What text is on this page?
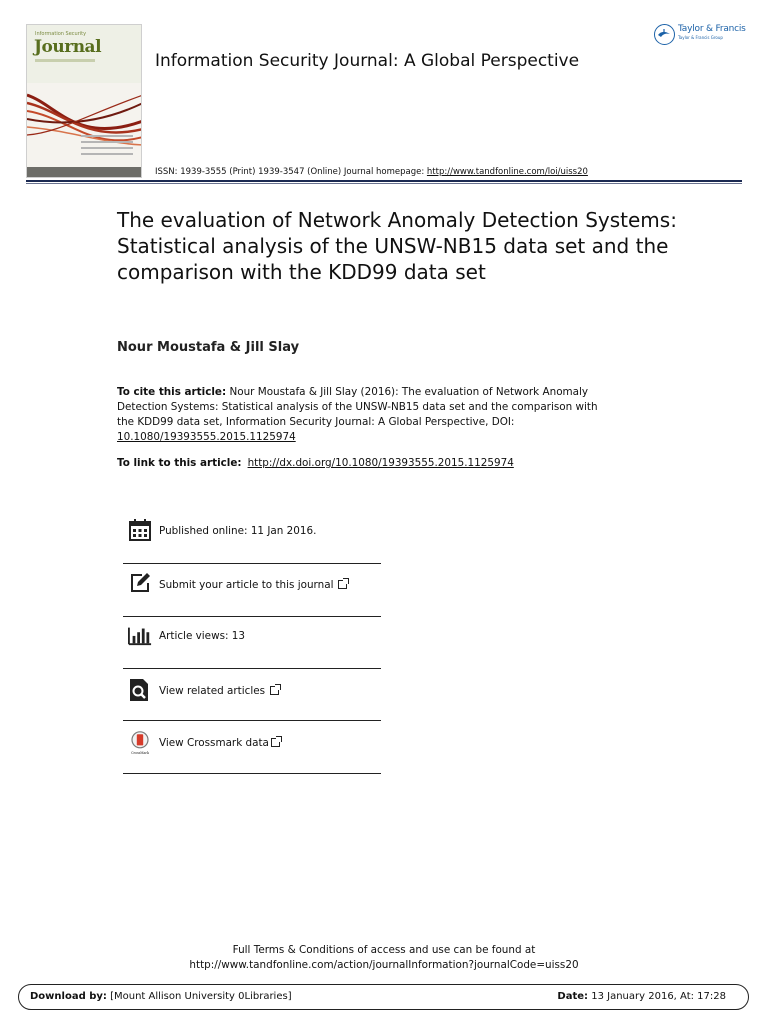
Information Security
Journal
Information Security Journal: A Global Perspective
Taylor & Francis
Taylor & Francis Group
ISSN: 1939-3555 (Print) 1939-3547 (Online) Journal homepage: http://www.tandfonline.com/loi/uiss20
The evaluation of Network Anomaly Detection Systems: Statistical analysis of the UNSW-NB15 data set and the comparison with the KDD99 data set
Nour Moustafa & Jill Slay
To cite this article: Nour Moustafa & Jill Slay (2016): The evaluation of Network Anomaly Detection Systems: Statistical analysis of the UNSW-NB15 data set and the comparison with the KDD99 data set, Information Security Journal: A Global Perspective, DOI: 10.1080/19393555.2015.1125974
To link to this article: http://dx.doi.org/10.1080/19393555.2015.1125974
Published online: 11 Jan 2016.
Submit your article to this journal
Article views: 13
View related articles
CrossMark
View Crossmark data
Full Terms & Conditions of access and use can be found at
http://www.tandfonline.com/action/journalInformation?journalCode=uiss20
Download by: [Mount Allison University 0Libraries]	Date: 13 January 2016, At: 17:28
